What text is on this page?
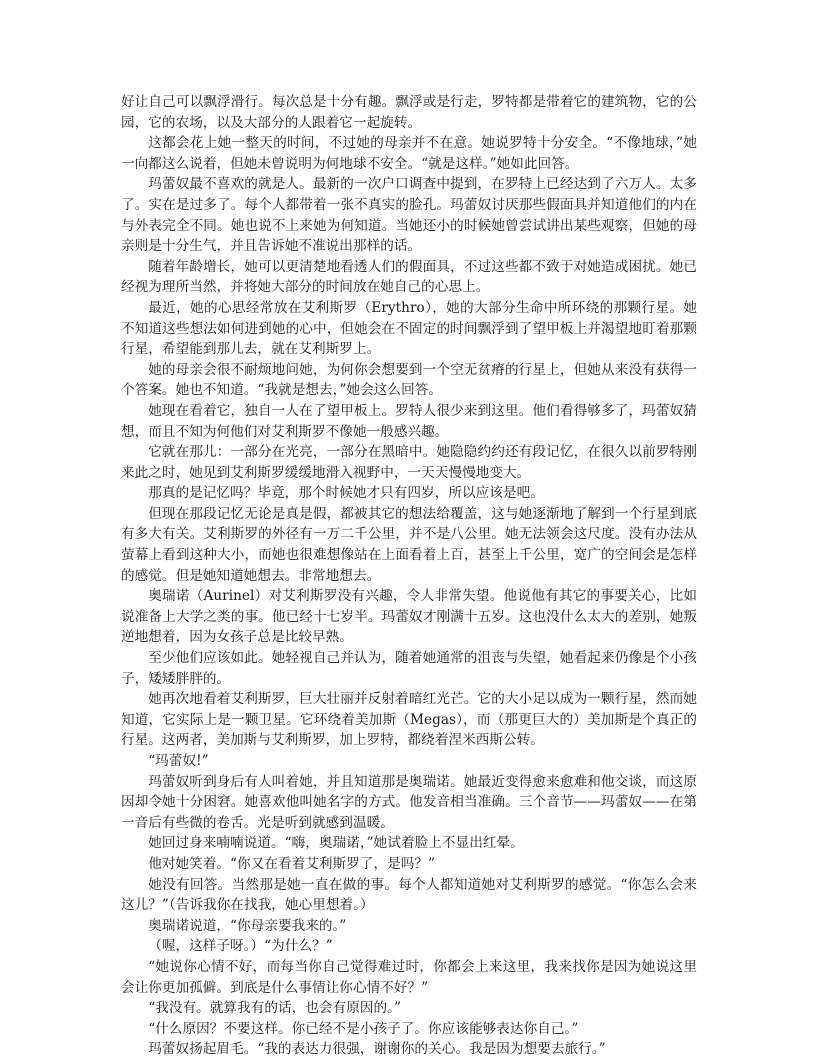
好让自己可以飘浮滑行。每次总是十分有趣。飘浮或是行走，罗特都是带着它的建筑物，它的公园，它的农场，以及大部分的人跟着它一起旋转。

这都会花上她一整天的时间，不过她的母亲并不在意。她说罗特十分安全。“不像地球，”她一向都这么说着，但她未曾说明为何地球不安全。“就是这样。”她如此回答。

玛蕾奴最不喜欢的就是人。最新的一次户口调查中提到，在罗特上已经达到了六万人。太多了。实在是过多了。每个人都带着一张不真实的脸孔。玛蕾奴讨厌那些假面具并知道他们的内在与外表完全不同。她也说不上来她为何知道。当她还小的时候她曾尝试讲出某些观察，但她的母亲则是十分生气，并且告诉她不准说出那样的话。

随着年龄增长，她可以更清楚地看透人们的假面具，不过这些都不致于对她造成困扰。她已经视为理所当然，并将她大部分的时间放在她自己的心思上。

最近，她的心思经常放在艾利斯罗（Erythro），她的大部分生命中所环绕的那颗行星。她不知道这些想法如何进到她的心中，但她会在不固定的时间飘浮到了望甲板上并渴望地盯着那颗行星，希望能到那儿去，就在艾利斯罗上。

她的母亲会很不耐烦地问她，为何你会想要到一个空无贫瘠的行星上，但她从来没有获得一个答案。她也不知道。“我就是想去，”她会这么回答。

她现在看着它，独自一人在了望甲板上。罗特人很少来到这里。他们看得够多了，玛蕾奴猜想，而且不知为何他们对艾利斯罗不像她一般感兴趣。

它就在那儿：一部分在光亮，一部分在黑暗中。她隐隐约约还有段记忆，在很久以前罗特刚来此之时，她见到艾利斯罗缓缓地滑入视野中，一天天慢慢地变大。

那真的是记忆吗？毕竟，那个时候她才只有四岁，所以应该是吧。

但现在那段记忆无论是真是假，都被其它的想法给覆盖，这与她逐渐地了解到一个行星到底有多大有关。艾利斯罗的外径有一万二千公里，并不是八公里。她无法领会这尺度。没有办法从萤幕上看到这种大小，而她也很难想像站在上面看着上百，甚至上千公里，宽广的空间会是怎样的感觉。但是她知道她想去。非常地想去。

奥瑞诺（Aurinel）对艾利斯罗没有兴趣，令人非常失望。他说他有其它的事要关心，比如说准备上大学之类的事。他已经十七岁半。玛蕾奴才刚满十五岁。这也没什么太大的差别，她叛逆地想着，因为女孩子总是比较早熟。

至少他们应该如此。她轻视自己并认为，随着她通常的沮丧与失望，她看起来仍像是个小孩子，矮矮胖胖的。

她再次地看着艾利斯罗，巨大壮丽并反射着暗红光芒。它的大小足以成为一颗行星，然而她知道，它实际上是一颗卫星。它环绕着美加斯（Megas），而（那更巨大的）美加斯是个真正的行星。这两者，美加斯与艾利斯罗，加上罗特，都绕着涅米西斯公转。

“玛蕾奴!”

玛蕾奴听到身后有人叫着她，并且知道那是奥瑞诺。她最近变得愈来愈难和他交谈，而这原因却令她十分困窘。她喜欢他叫她名字的方式。他发音相当准确。三个音节——玛蕾奴——在第一音后有些微的卷舌。光是听到就感到温暖。

她回过身来喃喃说道。“嗨，奥瑞诺，”她试着脸上不显出红晕。

他对她笑着。“你又在看着艾利斯罗了，是吗？”

她没有回答。当然那是她一直在做的事。每个人都知道她对艾利斯罗的感觉。“你怎么会来这儿？”（告诉我你在找我，她心里想着。）

奥瑞诺说道，“你母亲要我来的。”

（喔，这样子呀。）“为什么？”

“她说你心情不好，而每当你自己觉得难过时，你都会上来这里，我来找你是因为她说这里会让你更加孤僻。到底是什么事情让你心情不好？”

“我没有。就算我有的话，也会有原因的。”

“什么原因？不要这样。你已经不是小孩子了。你应该能够表达你自己。”

玛蕾奴扬起眉毛。“我的表达力很强，谢谢你的关心。我是因为想要去旅行。”
